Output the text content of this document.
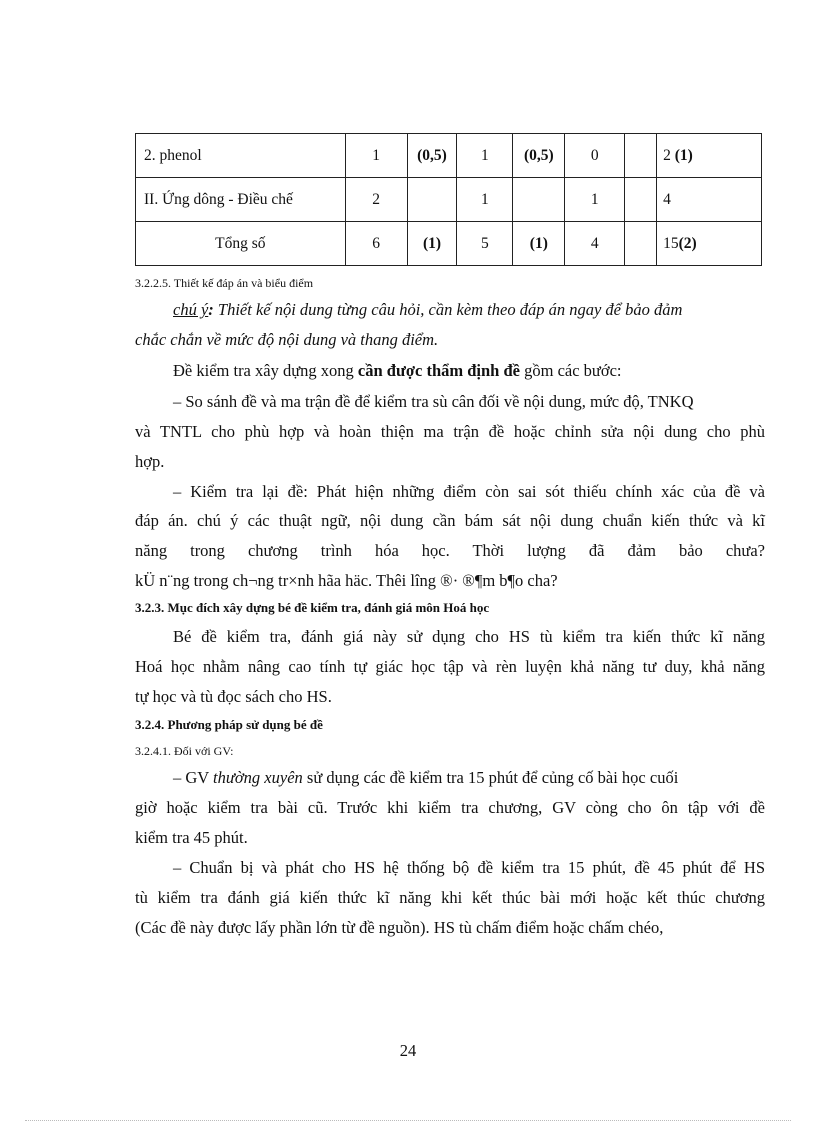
2. phenol	1	(0,5)	1	(0,5)	0		2 (1)
II. Ứng dông - Điều chế	2		1		1		4
Tổng số	6	(1)	5	(1)	4		15(2)
3.2.2.5. Thiết kế đáp án và biểu điểm
chú ý: Thiết kế nội dung từng câu hỏi, cần kèm theo đáp án ngay để bảo đảm
chắc chắn về mức độ nội dung và thang điểm.
Đề kiểm tra xây dựng xong cần được thẩm định đề gồm các bước:
– So sánh đề và ma trận đề để kiểm tra sù cân đối về nội dung, mức độ, TNKQ
và TNTL cho phù hợp và hoàn thiện ma trận đề hoặc chỉnh sửa nội dung cho phù
hợp.
– Kiểm tra lại đề: Phát hiện những điểm còn sai sót thiếu chính xác của đề và
đáp án. chú ý các thuật ngữ, nội dung cần bám sát nội dung chuẩn kiến thức và kĩ
năng trong chương trình hóa học. Thời lượng đã đảm bảo chưa?
kÜ n¨ng trong ch¬ng tr×nh hãa häc. Thêi lîng ®· ®¶m b¶o cha?
3.2.3. Mục đích xây dựng bé đề kiểm tra, đánh giá môn Hoá học
Bé đề kiểm tra, đánh giá này sử dụng cho HS tù kiểm tra kiến thức kĩ năng
Hoá học nhằm nâng cao tính tự giác học tập và rèn luyện khả năng tư duy, khả năng
tự học và tù đọc sách cho HS.
3.2.4. Phương pháp sử dụng bé đề
3.2.4.1. Đối với GV:
– GV thường xuyên sử dụng các đề kiểm tra 15 phút để củng cố bài học cuối
giờ hoặc kiểm tra bài cũ. Trước khi kiểm tra chương, GV còng cho ôn tập với đề
kiểm tra 45 phút.
– Chuẩn bị và phát cho HS hệ thống bộ đề kiểm tra 15 phút, đề 45 phút để HS
tù kiểm tra đánh giá kiến thức kĩ năng khi kết thúc bài mới hoặc kết thúc chương
(Các đề này được lấy phần lớn từ đề nguồn). HS tù chấm điểm hoặc chấm chéo,
24
